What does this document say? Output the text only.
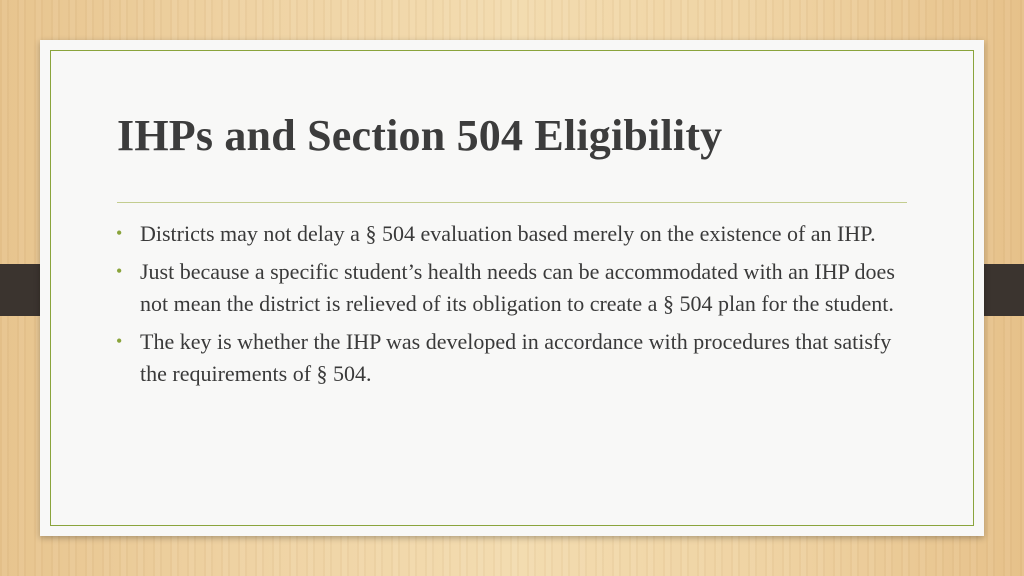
IHPs and Section 504 Eligibility
• Districts may not delay a § 504 evaluation based merely on the existence of an IHP.
• Just because a specific student’s health needs can be accommodated with an IHP does not mean the district is relieved of its obligation to create a § 504 plan for the student.
• The key is whether the IHP was developed in accordance with procedures that satisfy the requirements of § 504.
